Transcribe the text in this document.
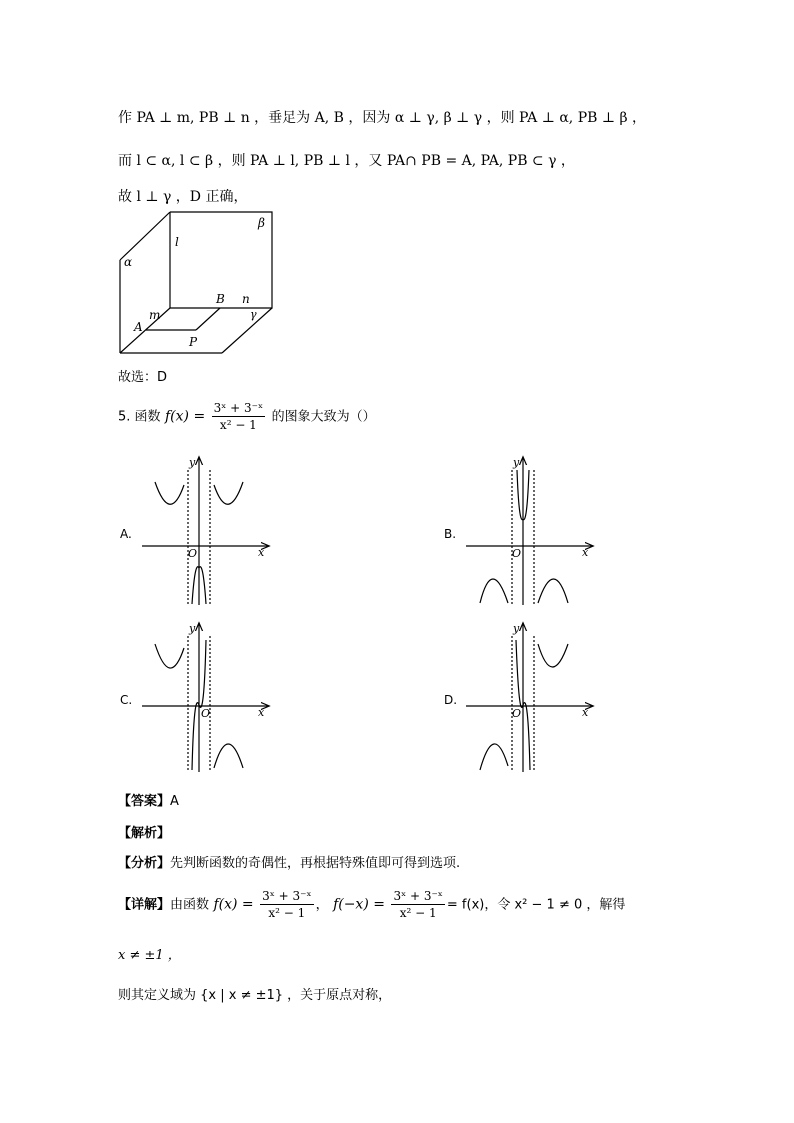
作 PA ⊥ m, PB ⊥ n ，垂足为 A, B ，因为 α ⊥ γ, β ⊥ γ ，则 PA ⊥ α, PB ⊥ β ，
而 l ⊂ α, l ⊂ β ，则 PA ⊥ l, PB ⊥ l ，又 PA∩ PB = A, PA, PB ⊂ γ ，
故 l ⊥ γ ，D 正确，
α
β
γ
l
m
n
A
B
P
故选：D
5. 函数 $f(x) = \frac{\text{3ˣ + 3⁻ˣ}}{\text{x² − 1}}$ 的图象大致为（）
A.
y
x
O
B.
y
x
O
C.
y
x
O
D.
y
x
O
【答案】A
【解析】
【分析】先判断函数的奇偶性，再根据特殊值即可得到选项.
【详解】由函数 $f(x) = \frac{\text{3ˣ + 3⁻ˣ}}{\text{x² − 1}}$ ， $f(-x) = \frac{\text{3ˣ + 3⁻ˣ}}{\text{x² − 1}} = f(x)$，令 x² − 1 ≠ 0 ，解得
x ≠ ±1 ，
则其定义域为 {x | x ≠ ±1} ，关于原点对称，
